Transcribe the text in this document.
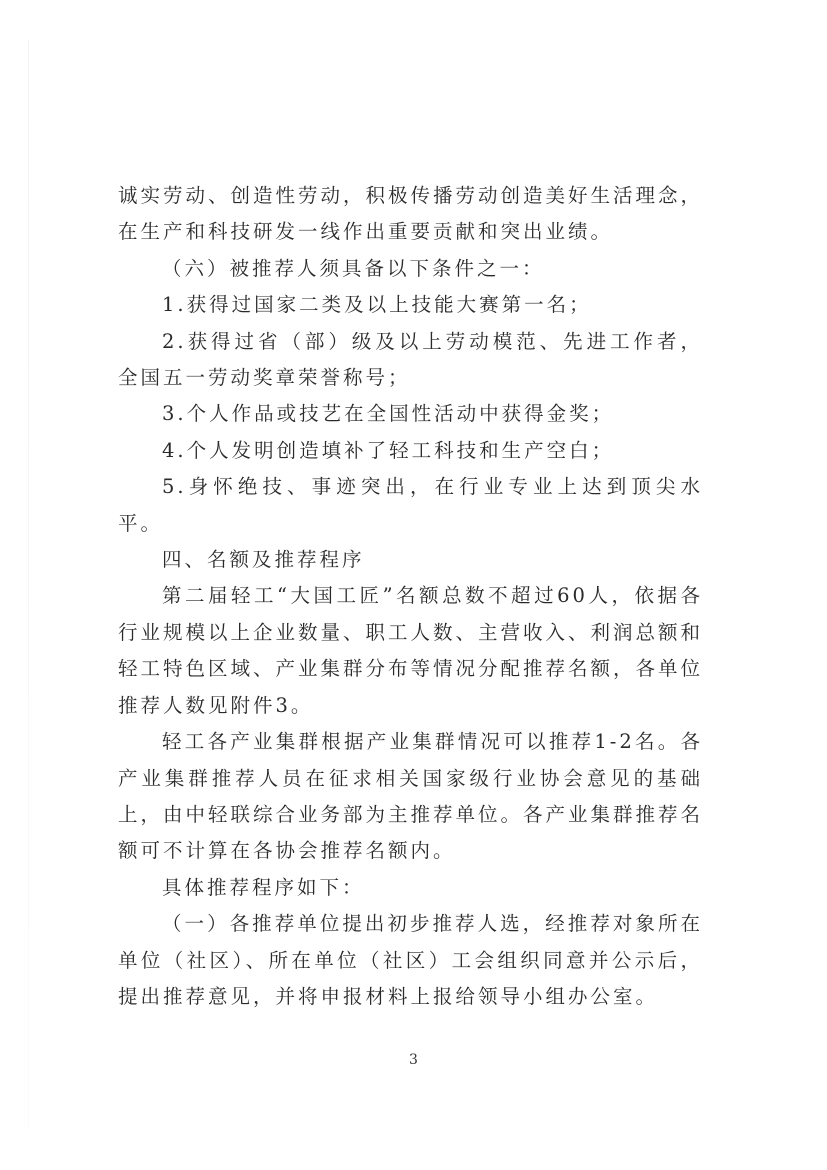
诚实劳动、创造性劳动，积极传播劳动创造美好生活理念，在生产和科技研发一线作出重要贡献和突出业绩。

（六）被推荐人须具备以下条件之一：

1.获得过国家二类及以上技能大赛第一名；

2.获得过省（部）级及以上劳动模范、先进工作者，全国五一劳动奖章荣誉称号；

3.个人作品或技艺在全国性活动中获得金奖；

4.个人发明创造填补了轻工科技和生产空白；

5.身怀绝技、事迹突出，在行业专业上达到顶尖水平。

四、名额及推荐程序

第二届轻工“大国工匠”名额总数不超过60人，依据各行业规模以上企业数量、职工人数、主营收入、利润总额和轻工特色区域、产业集群分布等情况分配推荐名额，各单位推荐人数见附件3。

轻工各产业集群根据产业集群情况可以推荐1-2名。各产业集群推荐人员在征求相关国家级行业协会意见的基础上，由中轻联综合业务部为主推荐单位。各产业集群推荐名额可不计算在各协会推荐名额内。

具体推荐程序如下：

（一）各推荐单位提出初步推荐人选，经推荐对象所在单位（社区）、所在单位（社区）工会组织同意并公示后，提出推荐意见，并将申报材料上报给领导小组办公室。

3
